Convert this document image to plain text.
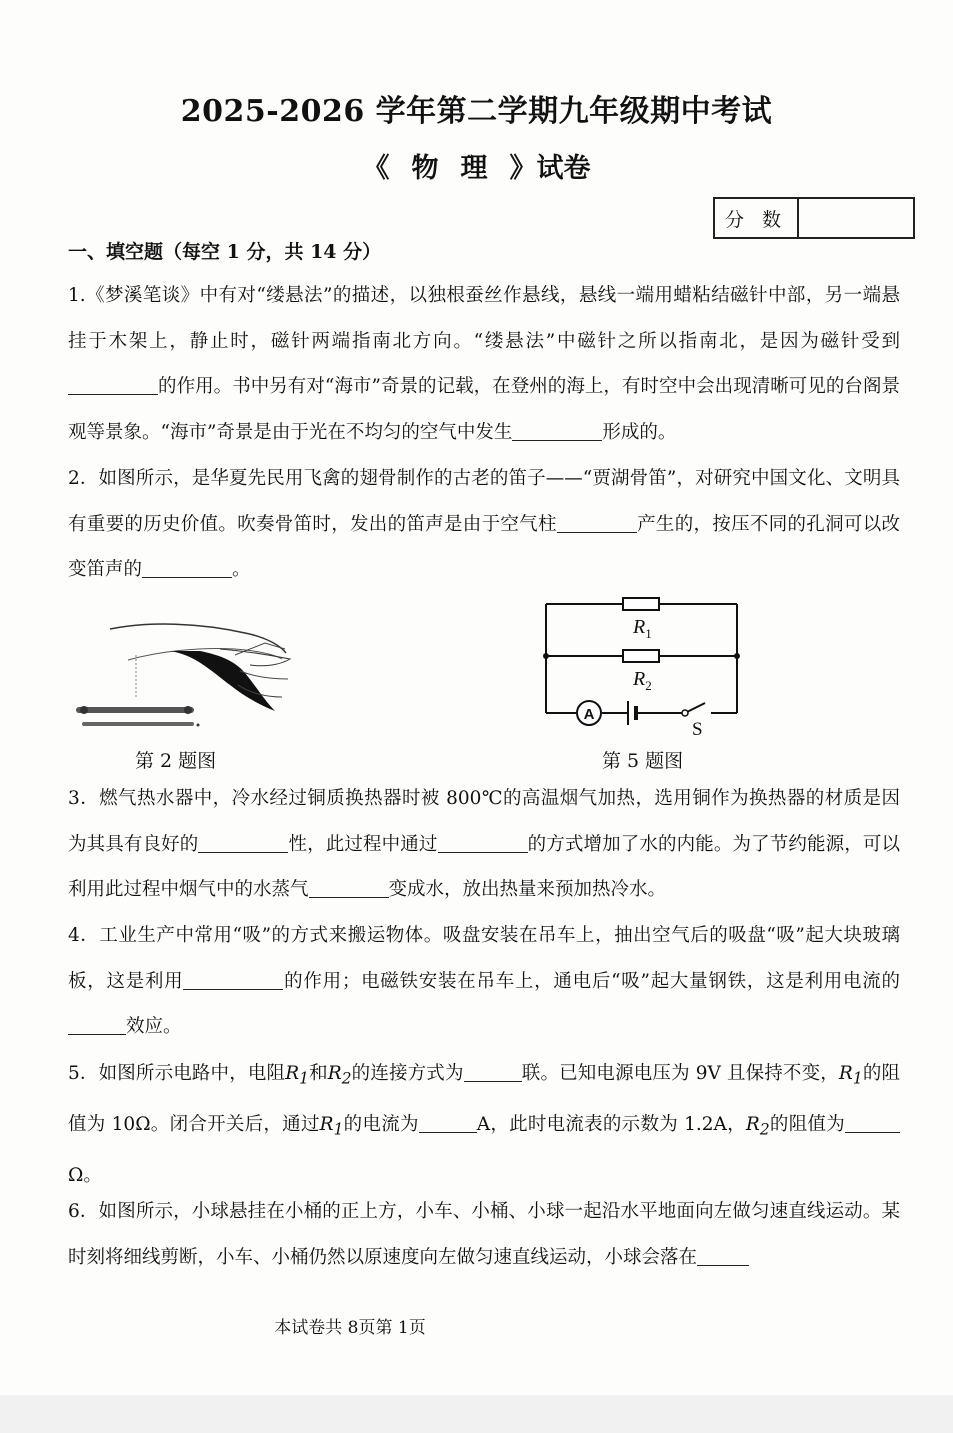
2025-2026 学年第二学期九年级期中考试
《 物 理 》试卷
分 数
一、填空题（每空 1 分，共 14 分）
1.《梦溪笔谈》中有对“缕悬法”的描述，以独根蚕丝作悬线，悬线一端用蜡粘结磁针中部，另一端悬挂于木架上，静止时，磁针两端指南北方向。“缕悬法”中磁针之所以指南北，是因为磁针受到的作用。书中另有对“海市”奇景的记载，在登州的海上，有时空中会出现清晰可见的台阁景观等景象。“海市”奇景是由于光在不均匀的空气中发生	形成的。
2．如图所示，是华夏先民用飞禽的翅骨制作的古老的笛子——“贾湖骨笛”，对研究中国文化、文明具有重要的历史价值。吹奏骨笛时，发出的笛声是由于空气柱	产生的，按压不同的孔洞可以改变笛声的	。
第 2 题图
$R_1$
$R_2$
A
S
第 5 题图
3．燃气热水器中，冷水经过铜质换热器时被 800℃的高温烟气加热，选用铜作为换热器的材质是因为其具有良好的	性，此过程中通过	的方式增加了水的内能。为了节约能源，可以利用此过程中烟气中的水蒸气	变成水，放出热量来预加热冷水。
4．工业生产中常用“吸”的方式来搬运物体。吸盘安装在吊车上，抽出空气后的吸盘“吸”起大块玻璃板，这是利用	的作用；电磁铁安装在吊车上，通电后“吸”起大量钢铁，这是利用电流的效应。
5．如图所示电路中，电阻$R_1$和$R_2$的连接方式为	联。已知电源电压为 9V 且保持不变，$R_1$的阻值为 10Ω。闭合开关后，通过$R_1$的电流为	A，此时电流表的示数为 1.2A，$R_2$的阻值为Ω。
6．如图所示，小球悬挂在小桶的正上方，小车、小桶、小球一起沿水平地面向左做匀速直线运动。某时刻将细线剪断，小车、小桶仍然以原速度向左做匀速直线运动，小球会落在
本试卷共 8页第 1页
